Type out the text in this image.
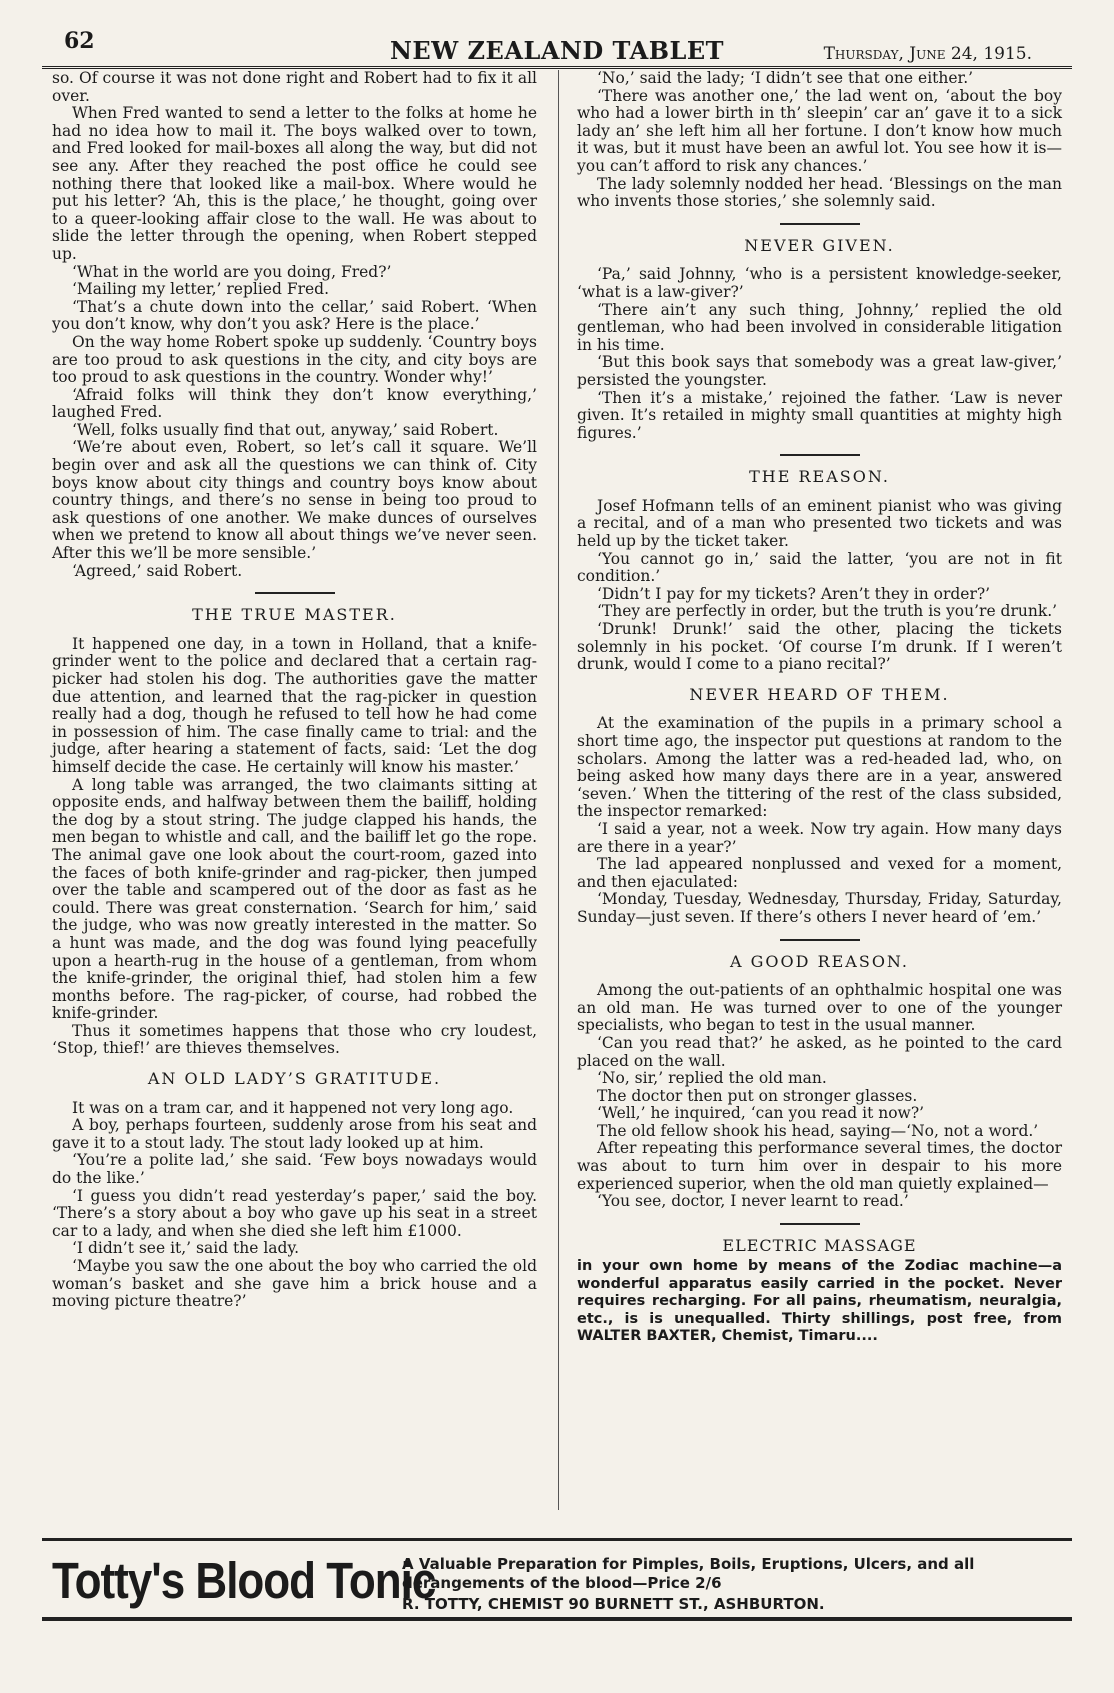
62	NEW ZEALAND TABLET	Thursday, June 24, 1915.

so. Of course it was not done right and Robert had to fix it all over.

When Fred wanted to send a letter to the folks at home he had no idea how to mail it. The boys walked over to town, and Fred looked for mail-boxes all along the way, but did not see any. After they reached the post office he could see nothing there that looked like a mail-box. Where would he put his letter? ‘Ah, this is the place,’ he thought, going over to a queer-looking affair close to the wall. He was about to slide the letter through the opening, when Robert stepped up.

‘What in the world are you doing, Fred?’

‘Mailing my letter,’ replied Fred.

‘That’s a chute down into the cellar,’ said Robert. ‘When you don’t know, why don’t you ask? Here is the place.’

On the way home Robert spoke up suddenly. ‘Country boys are too proud to ask questions in the city, and city boys are too proud to ask questions in the country. Wonder why!’

‘Afraid folks will think they don’t know everything,’ laughed Fred.

‘Well, folks usually find that out, anyway,’ said Robert.

‘We’re about even, Robert, so let’s call it square. We’ll begin over and ask all the questions we can think of. City boys know about city things and country boys know about country things, and there’s no sense in being too proud to ask questions of one another. We make dunces of ourselves when we pretend to know all about things we’ve never seen. After this we’ll be more sensible.’

‘Agreed,’ said Robert.

THE TRUE MASTER.

It happened one day, in a town in Holland, that a knife-grinder went to the police and declared that a certain rag-picker had stolen his dog. The authorities gave the matter due attention, and learned that the rag-picker in question really had a dog, though he refused to tell how he had come in possession of him. The case finally came to trial: and the judge, after hearing a statement of facts, said: ‘Let the dog himself decide the case. He certainly will know his master.’

A long table was arranged, the two claimants sitting at opposite ends, and halfway between them the bailiff, holding the dog by a stout string. The judge clapped his hands, the men began to whistle and call, and the bailiff let go the rope. The animal gave one look about the court-room, gazed into the faces of both knife-grinder and rag-picker, then jumped over the table and scampered out of the door as fast as he could. There was great consternation. ‘Search for him,’ said the judge, who was now greatly interested in the matter. So a hunt was made, and the dog was found lying peacefully upon a hearth-rug in the house of a gentleman, from whom the knife-grinder, the original thief, had stolen him a few months before. The rag-picker, of course, had robbed the knife-grinder.

Thus it sometimes happens that those who cry loudest, ‘Stop, thief!’ are thieves themselves.

AN OLD LADY’S GRATITUDE.

It was on a tram car, and it happened not very long ago.

A boy, perhaps fourteen, suddenly arose from his seat and gave it to a stout lady. The stout lady looked up at him.

‘You’re a polite lad,’ she said. ‘Few boys nowadays would do the like.’

‘I guess you didn’t read yesterday’s paper,’ said the boy. ‘There’s a story about a boy who gave up his seat in a street car to a lady, and when she died she left him £1000.

‘I didn’t see it,’ said the lady.

‘Maybe you saw the one about the boy who carried the old woman’s basket and she gave him a brick house and a moving picture theatre?’

‘No,’ said the lady; ‘I didn’t see that one either.’

‘There was another one,’ the lad went on, ‘about the boy who had a lower birth in th’ sleepin’ car an’ gave it to a sick lady an’ she left him all her fortune. I don’t know how much it was, but it must have been an awful lot. You see how it is—you can’t afford to risk any chances.’

The lady solemnly nodded her head. ‘Blessings on the man who invents those stories,’ she solemnly said.

NEVER GIVEN.

‘Pa,’ said Johnny, ‘who is a persistent knowledge-seeker, ‘what is a law-giver?’

‘There ain’t any such thing, Johnny,’ replied the old gentleman, who had been involved in considerable litigation in his time.

‘But this book says that somebody was a great law-giver,’ persisted the youngster.

‘Then it’s a mistake,’ rejoined the father. ‘Law is never given. It’s retailed in mighty small quantities at mighty high figures.’

THE REASON.

Josef Hofmann tells of an eminent pianist who was giving a recital, and of a man who presented two tickets and was held up by the ticket taker.

‘You cannot go in,’ said the latter, ‘you are not in fit condition.’

‘Didn’t I pay for my tickets? Aren’t they in order?’

‘They are perfectly in order, but the truth is you’re drunk.’

‘Drunk! Drunk!’ said the other, placing the tickets solemnly in his pocket. ‘Of course I’m drunk. If I weren’t drunk, would I come to a piano recital?’

NEVER HEARD OF THEM.

At the examination of the pupils in a primary school a short time ago, the inspector put questions at random to the scholars. Among the latter was a red-headed lad, who, on being asked how many days there are in a year, answered ‘seven.’ When the tittering of the rest of the class subsided, the inspector remarked:

‘I said a year, not a week. Now try again. How many days are there in a year?’

The lad appeared nonplussed and vexed for a moment, and then ejaculated:

‘Monday, Tuesday, Wednesday, Thursday, Friday, Saturday, Sunday—just seven. If there’s others I never heard of ’em.’

A GOOD REASON.

Among the out-patients of an ophthalmic hospital one was an old man. He was turned over to one of the younger specialists, who began to test in the usual manner.

‘Can you read that?’ he asked, as he pointed to the card placed on the wall.

‘No, sir,’ replied the old man.

The doctor then put on stronger glasses.

‘Well,’ he inquired, ‘can you read it now?’

The old fellow shook his head, saying—‘No, not a word.’

After repeating this performance several times, the doctor was about to turn him over in despair to his more experienced superior, when the old man quietly explained—

‘You see, doctor, I never learnt to read.’

ELECTRIC MASSAGE

in your own home by means of the Zodiac machine—a wonderful apparatus easily carried in the pocket. Never requires recharging. For all pains, rheumatism, neuralgia, etc., is is unequalled. Thirty shillings, post free, from WALTER BAXTER, Chemist, Timaru....

Totty's Blood Tonic
A Valuable Preparation for Pimples, Boils, Eruptions, Ulcers, and all derangements of the blood—Price 2/6
R. TOTTY, CHEMIST 90 BURNETT ST., ASHBURTON.
